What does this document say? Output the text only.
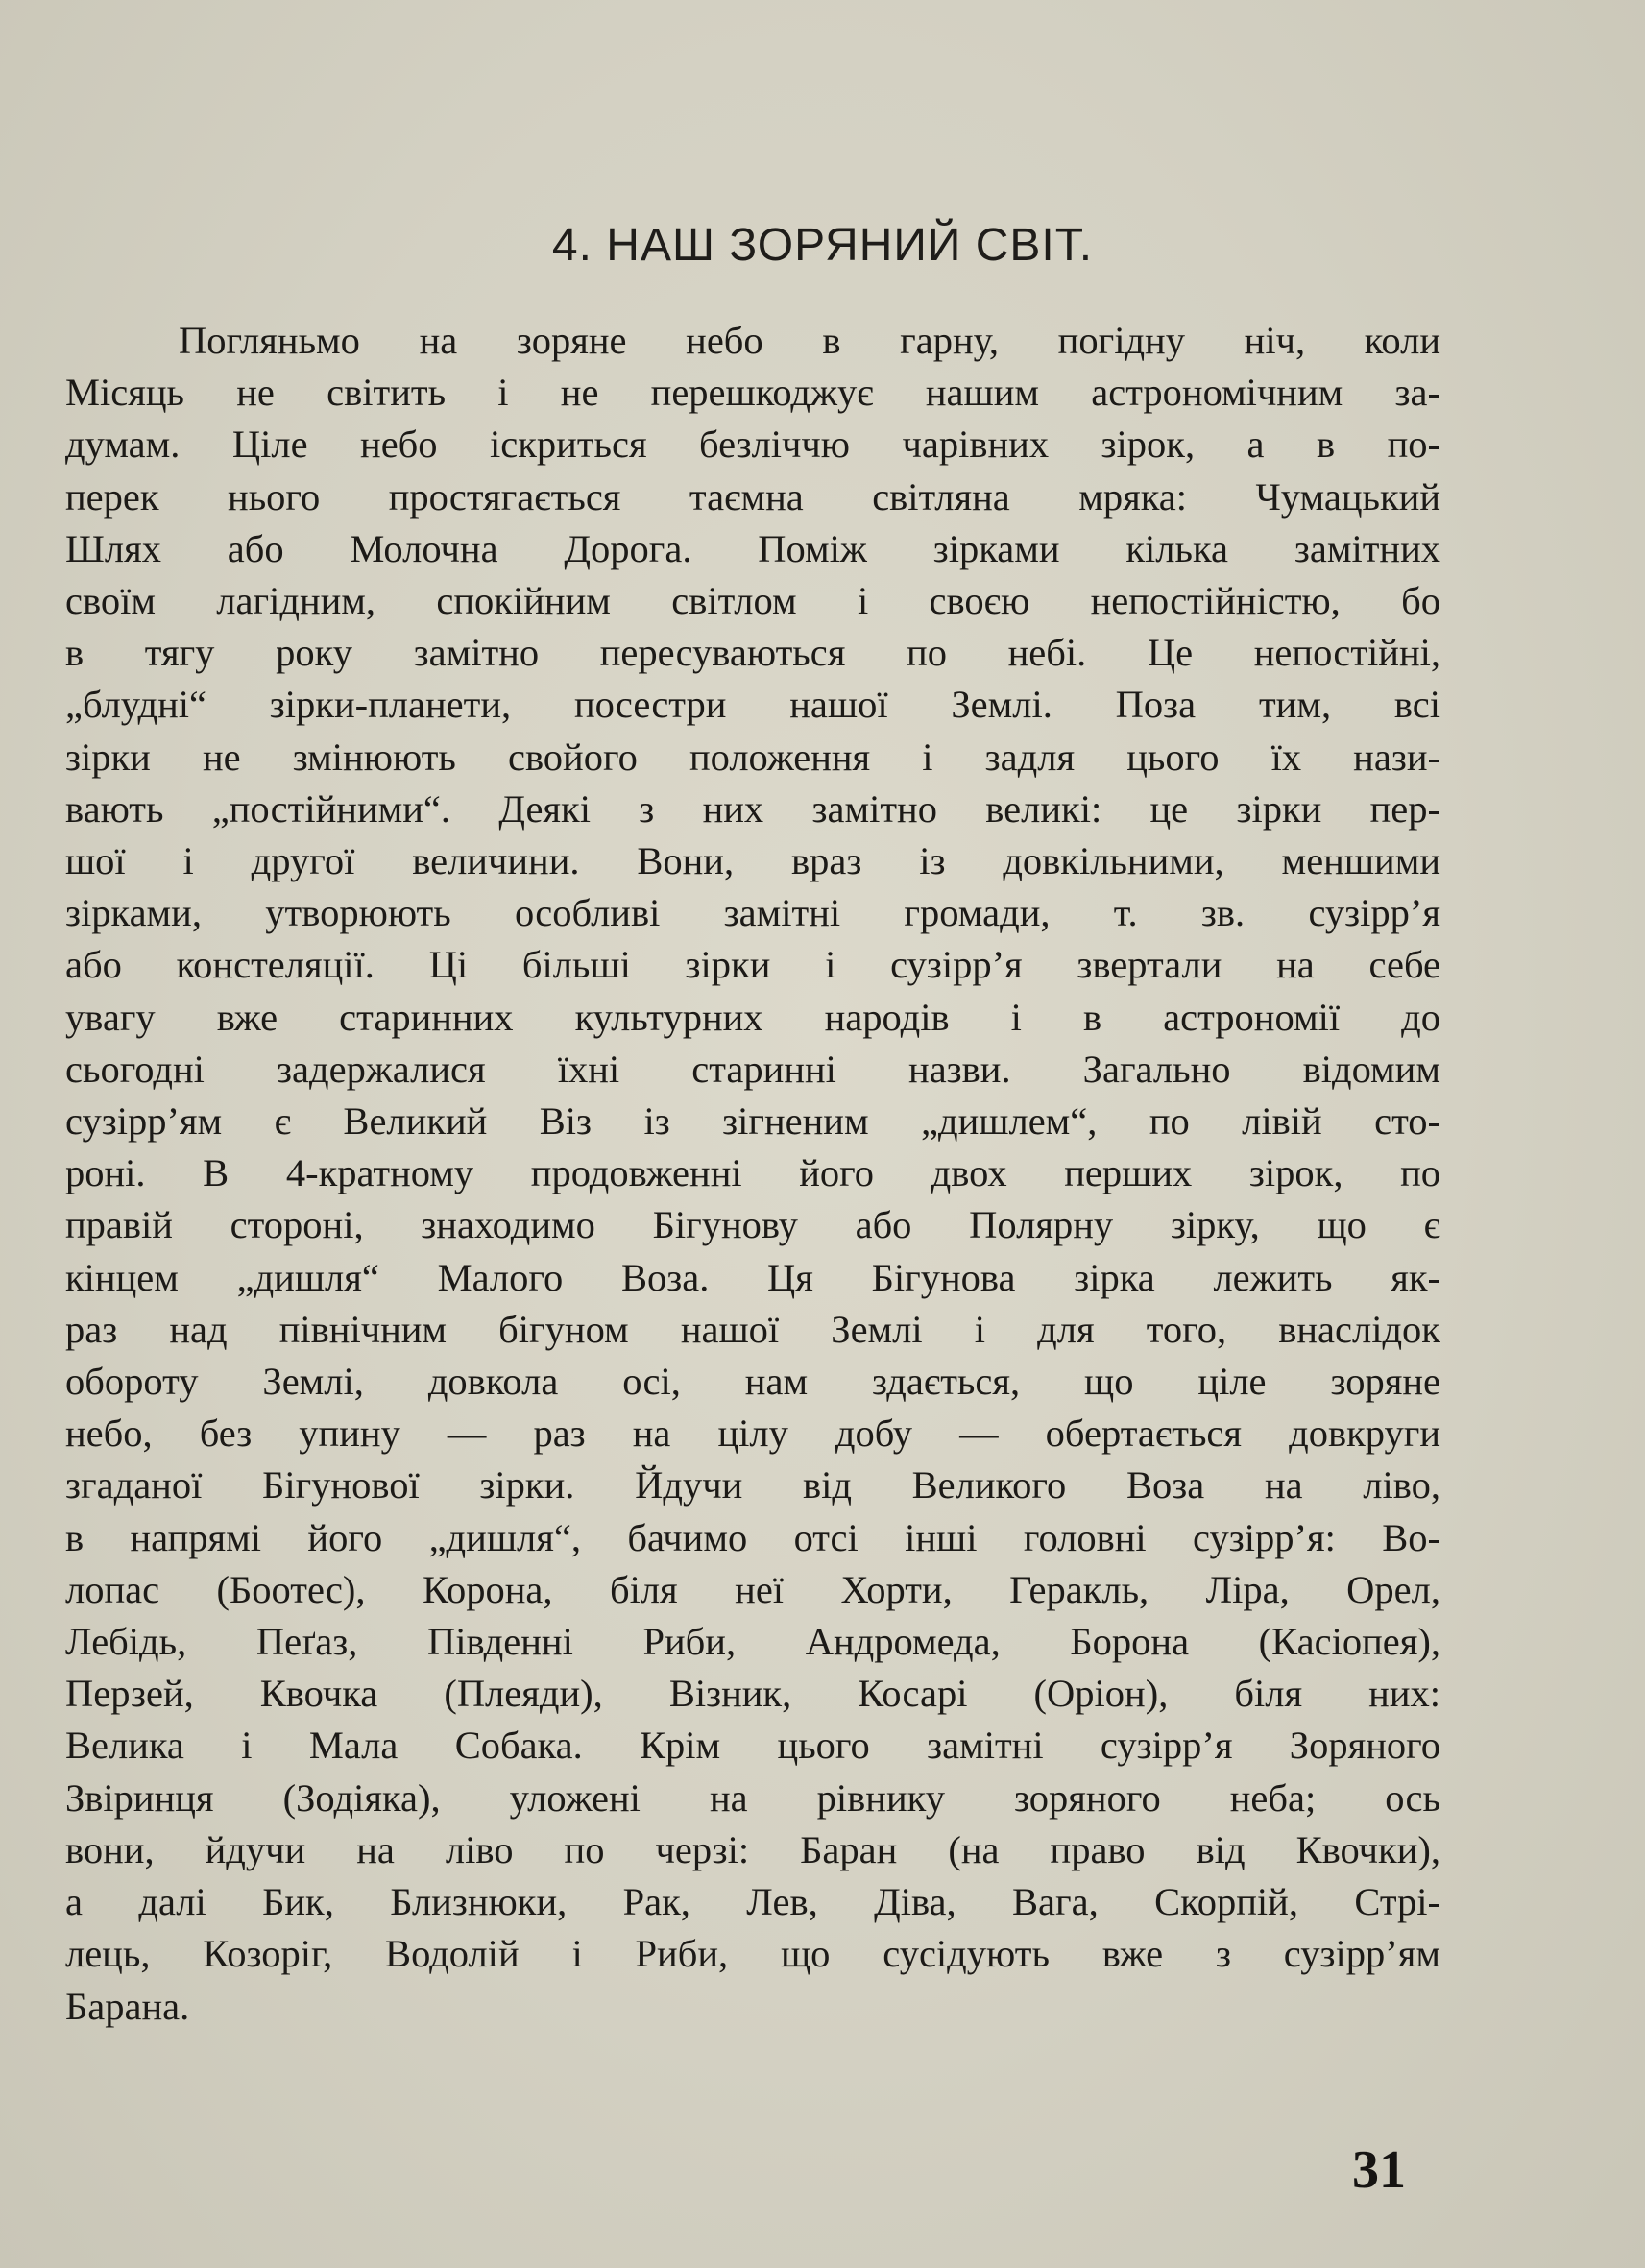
4. НАШ ЗОРЯНИЙ СВІТ.
Погляньмо на зоряне небо в гарну, погідну ніч, коли
Місяць не світить і не перешкоджує нашим астрономічним за-
думам. Ціле небо іскриться безліччю чарівних зірок, а в по-
перек нього простягається таємна світляна мряка: Чумацький
Шлях або Молочна Дорога. Поміж зірками кілька замітних
своїм лагідним, спокійним світлом і своєю непостійністю, бо
в тягу року замітно пересуваються по небі. Це непостійні,
„блудні“ зірки-планети, посестри нашої Землі. Поза тим, всі
зірки не змінюють свойого положення і задля цього їх нази-
вають „постійними“. Деякі з них замітно великі: це зірки пер-
шої і другої величини. Вони, враз із довкільними, меншими
зірками, утворюють особливі замітні громади, т. зв. сузірр’я
або констеляції. Ці більші зірки і сузірр’я звертали на себе
увагу вже старинних культурних народів і в астрономії до
сьогодні задержалися їхні старинні назви. Загально відомим
сузірр’ям є Великий Віз із зігненим „дишлем“, по лівій сто-
роні. В 4-кратному продовженні його двох перших зірок, по
правій стороні, знаходимо Бігунову або Полярну зірку, що є
кінцем „дишля“ Малого Воза. Ця Бігунова зірка лежить як-
раз над північним бігуном нашої Землі і для того, внаслідок
обороту Землі, довкола осі, нам здається, що ціле зоряне
небо, без упину — раз на цілу добу — обертається довкруги
згаданої Бігунової зірки. Йдучи від Великого Воза на ліво,
в напрямі його „дишля“, бачимо отсі інші головні сузірр’я: Во-
лопас (Боотес), Корона, біля неї Хорти, Геракль, Ліра, Орел,
Лебідь, Пеґаз, Південні Риби, Андромеда, Борона (Касіопея),
Перзей, Квочка (Плеяди), Візник, Косарі (Оріон), біля них:
Велика і Мала Собака. Крім цього замітні сузірр’я Зоряного
Звіринця (Зодіяка), уложені на рівнику зоряного неба; ось
вони, йдучи на ліво по черзі: Баран (на право від Квочки),
а далі Бик, Близнюки, Рак, Лев, Діва, Вага, Скорпій, Стрі-
лець, Козоріг, Водолій і Риби, що сусідують вже з сузірр’ям
Барана.
31
